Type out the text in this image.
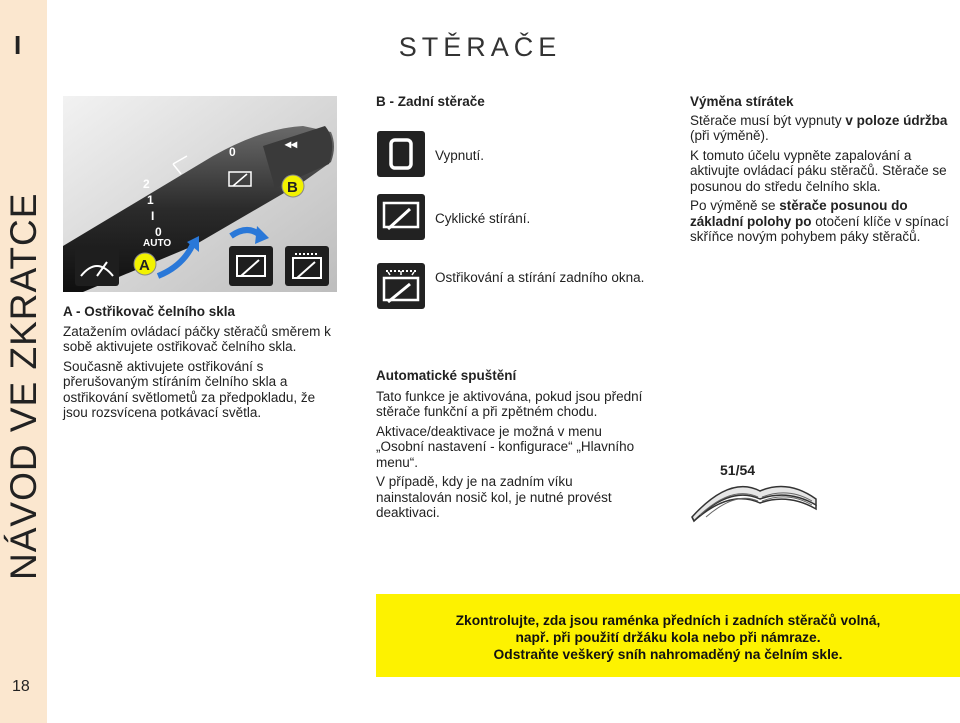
I
NÁVOD VE ZKRATCE
18
STĚRAČE
2
1
I
0
AUTO
0
◂◂
A
B
A - Ostřikovač čelního skla

Zatažením ovládací páčky stěračů směrem k sobě aktivujete ostřikovač čelního skla.

Současně aktivujete ostřikování s přerušovaným stíráním čelního skla a ostřikování světlometů za předpokladu, že jsou rozsvícena potkávací světla.

B - Zadní stěrače
Vypnutí.
Cyklické stírání.
Ostřikování a stírání zadního okna.
Automatické spuštění

Tato funkce je aktivována, pokud jsou přední stěrače funkční a při zpětném chodu.

Aktivace/deaktivace je možná v menu „Osobní nastavení - konfigurace“ „Hlavního menu“.

V případě, kdy je na zadním víku nainstalován nosič kol, je nutné provést deaktivaci.

Výměna stírátek

Stěrače musí být vypnuty v poloze údržba (při výměně).

K tomuto účelu vypněte zapalování a aktivujte ovládací páku stěračů. Stěrače se posunou do středu čelního skla.

Po výměně se stěrače posunou do základní polohy po otočení klíče v spínací skříňce novým pohybem páky stěračů.

51/54
Zkontrolujte, zda jsou raménka předních i zadních stěračů volná,
např. při použití držáku kola nebo při námraze.
Odstraňte veškerý sníh nahromaděný na čelním skle.
